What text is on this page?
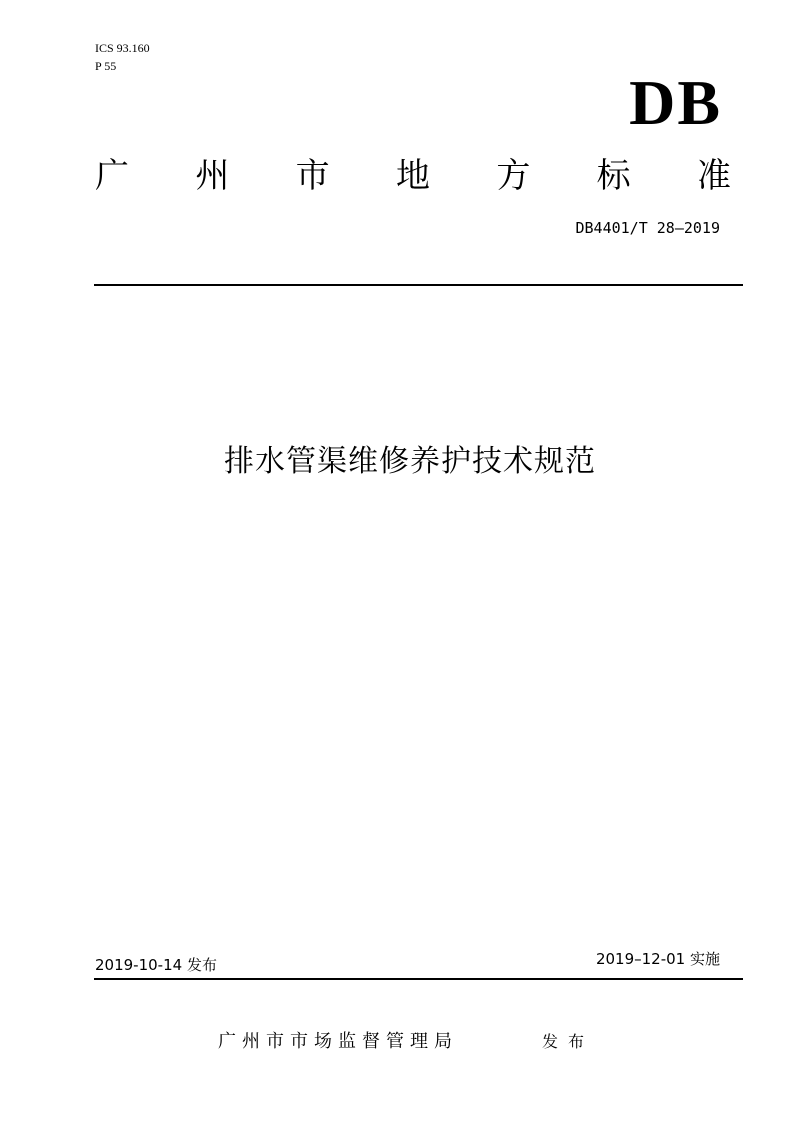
ICS 93.160
P 55
DB
广 州 市 地 方 标 准
DB4401/T 28—2019
排水管渠维修养护技术规范
2019-10-14 发布	2019–12-01 实施
广州市市场监督管理局	发布
